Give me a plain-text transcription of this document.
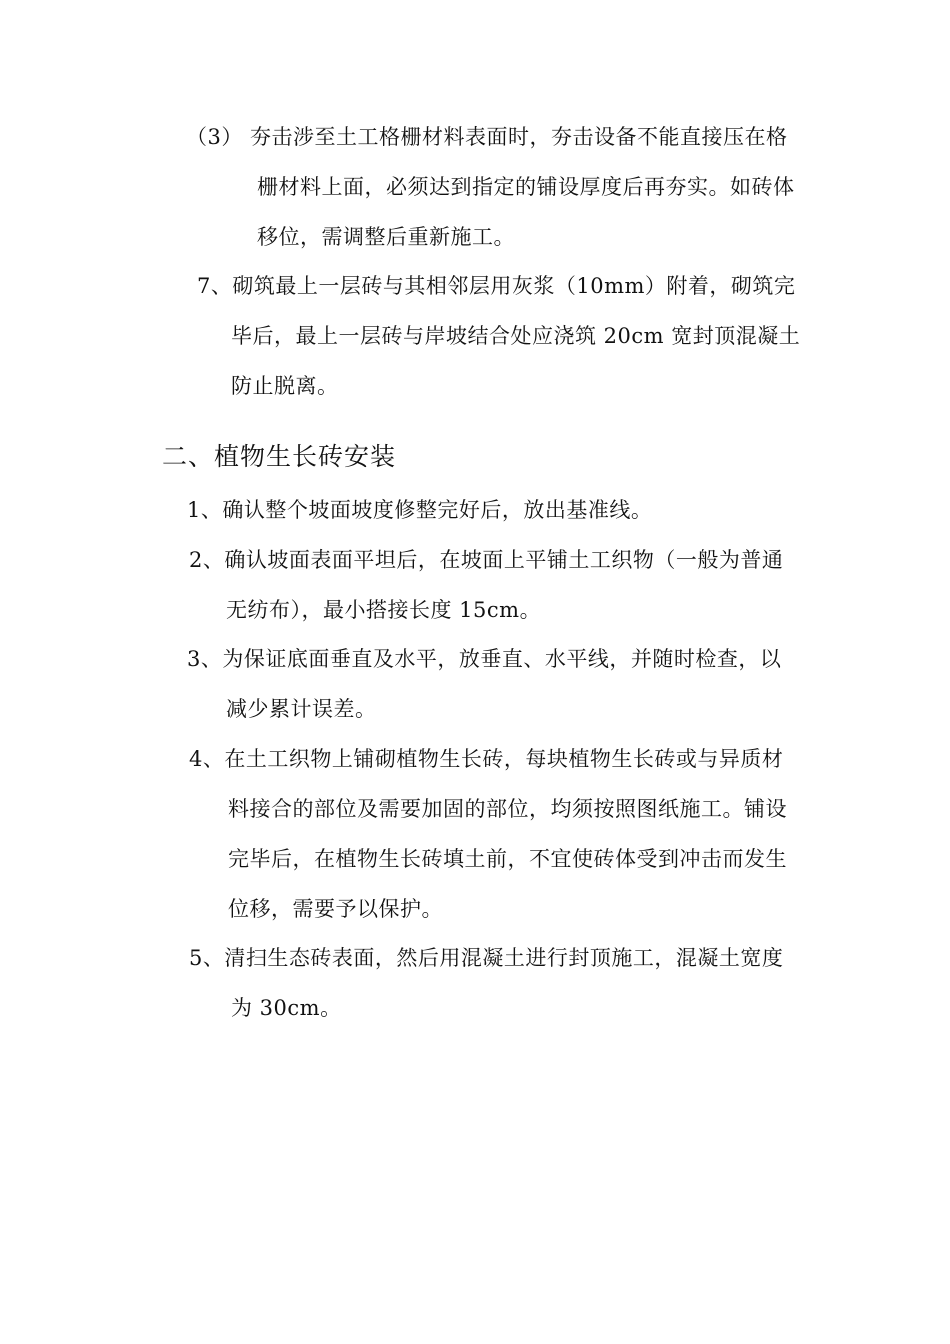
（3） 夯击涉至土工格栅材料表面时，夯击设备不能直接压在格
栅材料上面，必须达到指定的铺设厚度后再夯实。如砖体
移位，需调整后重新施工。
7、砌筑最上一层砖与其相邻层用灰浆（10mm）附着，砌筑完
毕后，最上一层砖与岸坡结合处应浇筑 20cm 宽封顶混凝土
防止脱离。
二、植物生长砖安装
1、确认整个坡面坡度修整完好后，放出基准线。
2、确认坡面表面平坦后，在坡面上平铺土工织物（一般为普通
无纺布），最小搭接长度 15cm。
3、为保证底面垂直及水平，放垂直、水平线，并随时检查，以
减少累计误差。
4、在土工织物上铺砌植物生长砖，每块植物生长砖或与异质材
料接合的部位及需要加固的部位，均须按照图纸施工。铺设
完毕后，在植物生长砖填土前，不宜使砖体受到冲击而发生
位移，需要予以保护。
5、清扫生态砖表面，然后用混凝土进行封顶施工，混凝土宽度
为 30cm。
